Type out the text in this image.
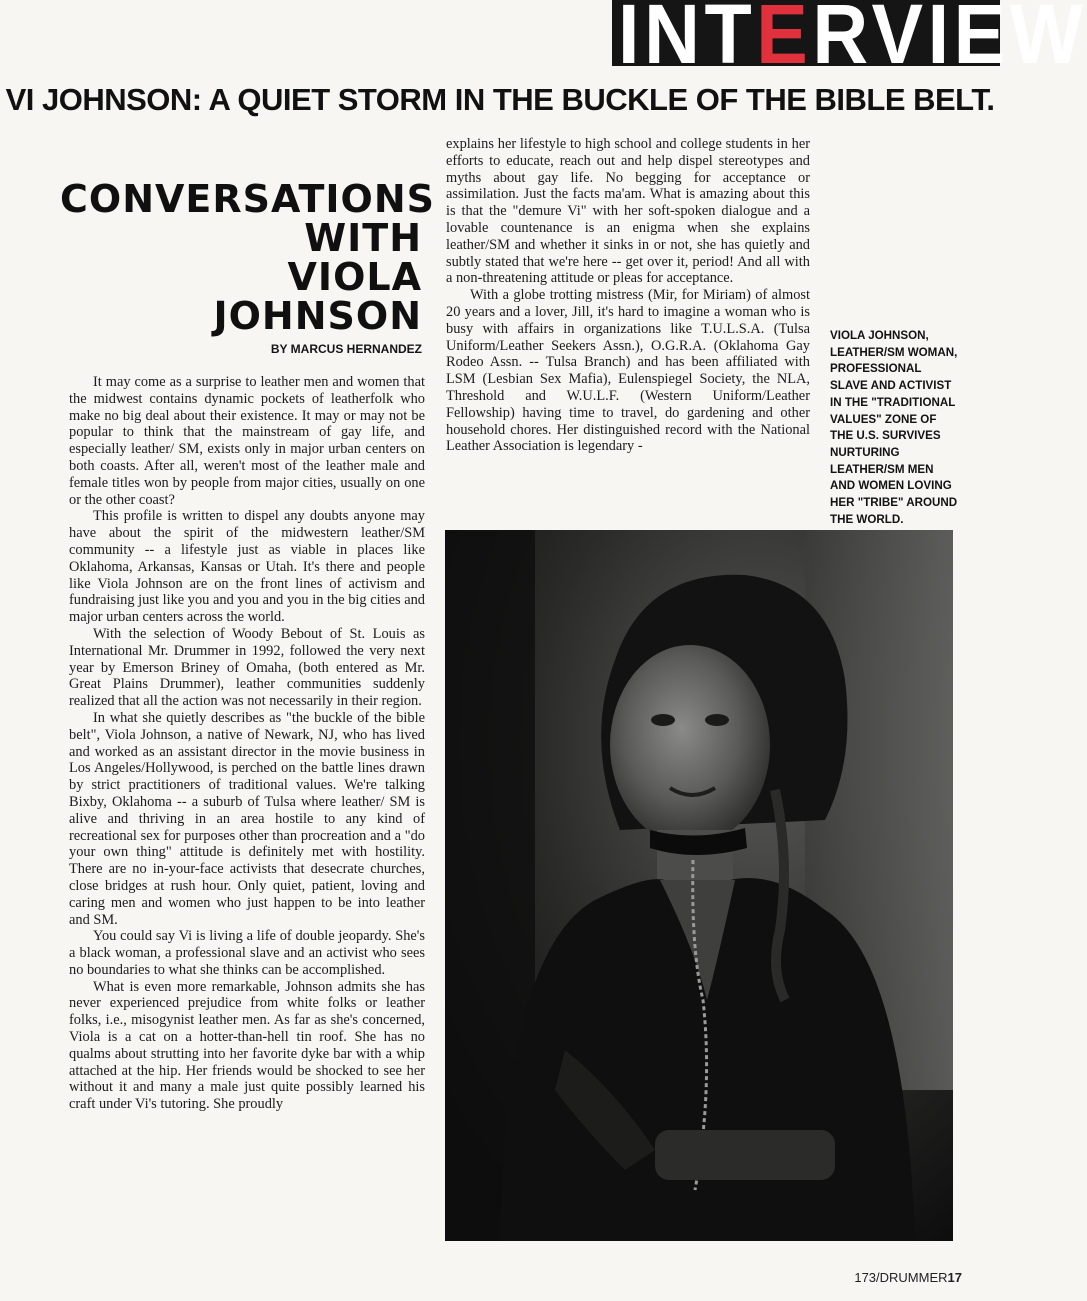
INTERVIEW
VI JOHNSON: A QUIET STORM IN THE BUCKLE OF THE BIBLE BELT.
CONVERSATIONS
WITH
VIOLA
JOHNSON
BY MARCUS HERNANDEZ

It may come as a surprise to leather men and women that the midwest contains dynamic pockets of leatherfolk who make no big deal about their existence. It may or may not be popular to think that the mainstream of gay life, and especially leather/ SM, exists only in major urban centers on both coasts. After all, weren't most of the leather male and female titles won by people from major cities, usually on one or the other coast?

This profile is written to dispel any doubts anyone may have about the spirit of the midwestern leather/SM community -- a lifestyle just as viable in places like Oklahoma, Arkansas, Kansas or Utah. It's there and people like Viola Johnson are on the front lines of activism and fundraising just like you and you and you in the big cities and major urban centers across the world.

With the selection of Woody Bebout of St. Louis as International Mr. Drummer in 1992, followed the very next year by Emerson Briney of Omaha, (both entered as Mr. Great Plains Drummer), leather communities suddenly realized that all the action was not necessarily in their region.

In what she quietly describes as "the buckle of the bible belt", Viola Johnson, a native of Newark, NJ, who has lived and worked as an assistant director in the movie business in Los Angeles/Hollywood, is perched on the battle lines drawn by strict practitioners of traditional values. We're talking Bixby, Oklahoma -- a suburb of Tulsa where leather/ SM is alive and thriving in an area hostile to any kind of recreational sex for purposes other than procreation and a "do your own thing" attitude is definitely met with hostility. There are no in-your-face activists that desecrate churches, close bridges at rush hour. Only quiet, patient, loving and caring men and women who just happen to be into leather and SM.

You could say Vi is living a life of double jeopardy. She's a black woman, a professional slave and an activist who sees no boundaries to what she thinks can be accomplished.

What is even more remarkable, Johnson admits she has never experienced prejudice from white folks or leather folks, i.e., misogynist leather men. As far as she's concerned, Viola is a cat on a hotter-than-hell tin roof. She has no qualms about strutting into her favorite dyke bar with a whip attached at the hip. Her friends would be shocked to see her without it and many a male just quite possibly learned his craft under Vi's tutoring. She proudly

explains her lifestyle to high school and college students in her efforts to educate, reach out and help dispel stereotypes and myths about gay life. No begging for acceptance or assimilation. Just the facts ma'am. What is amazing about this is that the "demure Vi" with her soft-spoken dialogue and a lovable countenance is an enigma when she explains leather/SM and whether it sinks in or not, she has quietly and subtly stated that we're here -- get over it, period! And all with a non-threatening attitude or pleas for acceptance.

With a globe trotting mistress (Mir, for Miriam) of almost 20 years and a lover, Jill, it's hard to imagine a woman who is busy with affairs in organizations like T.U.L.S.A. (Tulsa Uniform/Leather Seekers Assn.), O.G.R.A. (Oklahoma Gay Rodeo Assn. -- Tulsa Branch) and has been affiliated with LSM (Lesbian Sex Mafia), Eulenspiegel Society, the NLA, Threshold and W.U.L.F. (Western Uniform/Leather Fellowship) having time to travel, do gardening and other household chores. Her distinguished record with the National Leather Association is legendary -

VIOLA JOHNSON, LEATHER/SM WOMAN, PROFESSIONAL SLAVE AND ACTIVIST IN THE "TRADITIONAL VALUES" ZONE OF THE U.S. SURVIVES NURTURING LEATHER/SM MEN AND WOMEN LOVING HER "TRIBE" AROUND THE WORLD.
173/DRUMMER17
